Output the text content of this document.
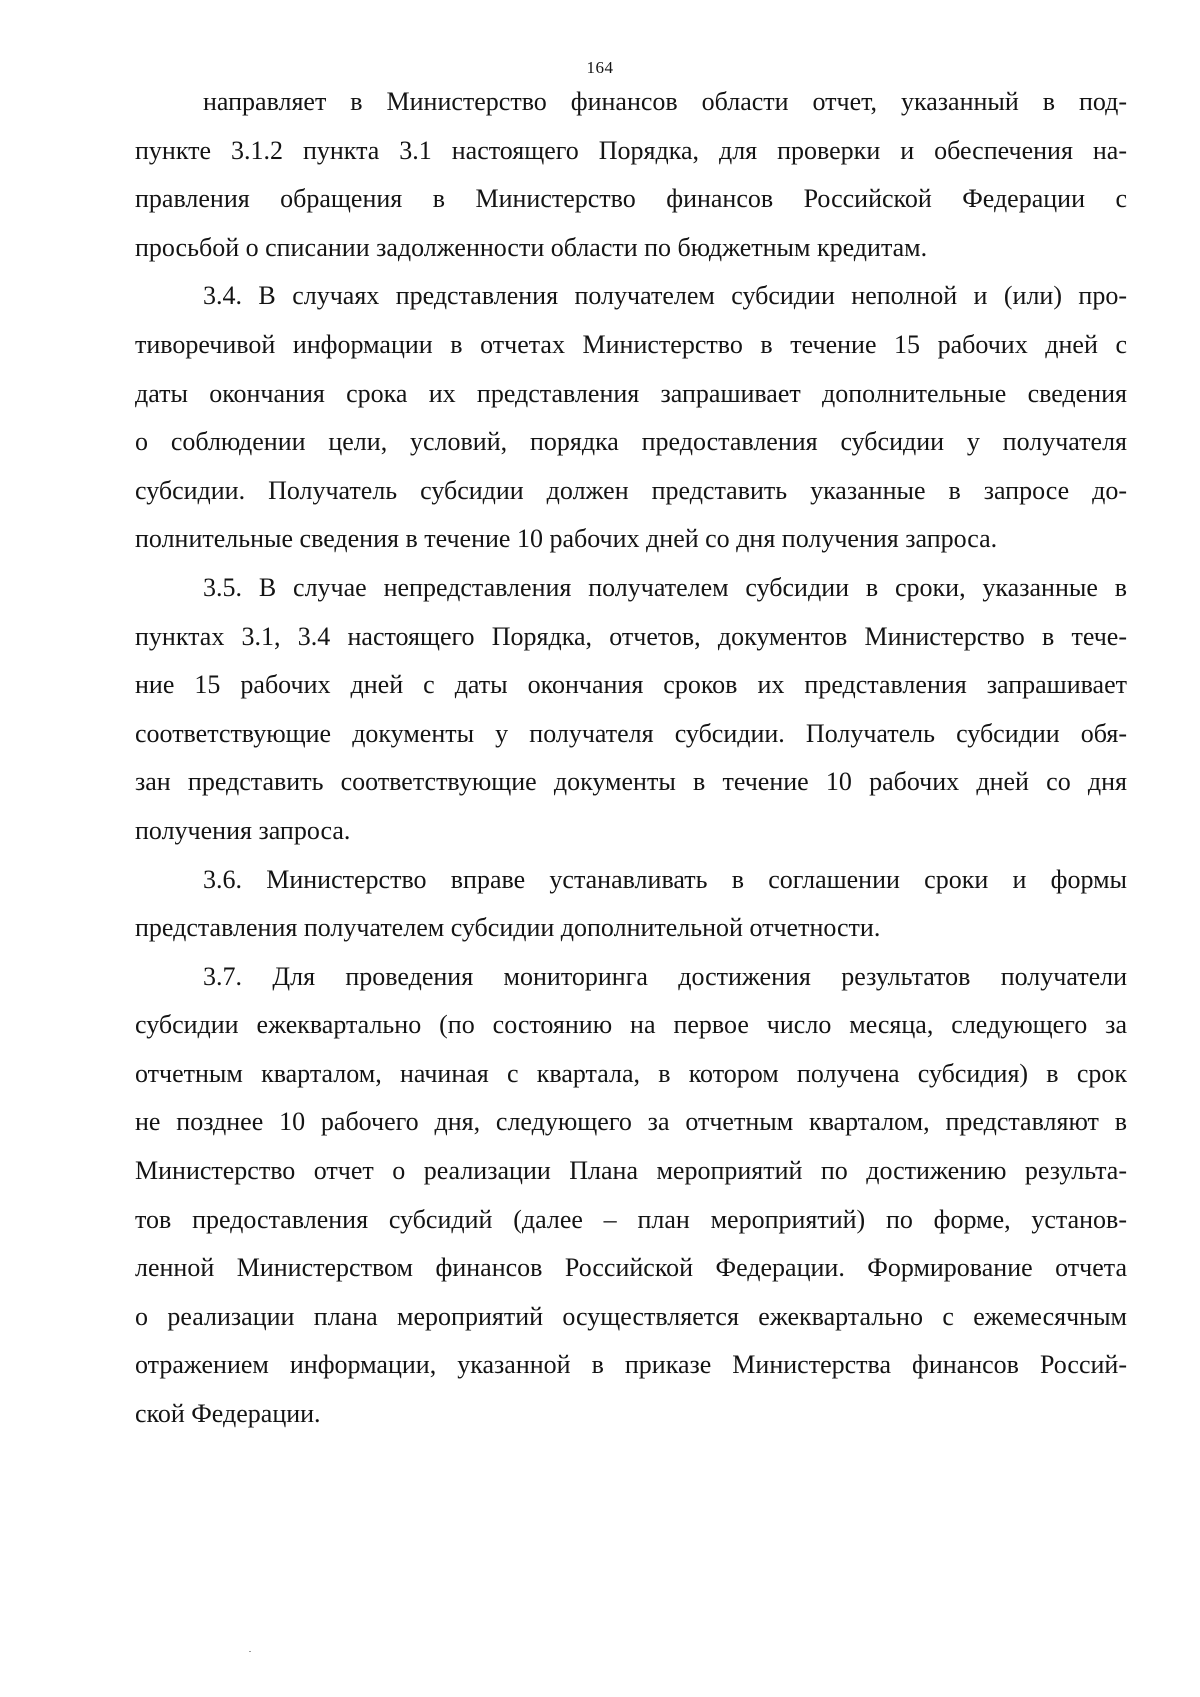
164
направляет в Министерство финансов области отчет, указанный в под-
пункте 3.1.2 пункта 3.1 настоящего Порядка, для проверки и обеспечения на-
правления обращения в Министерство финансов Российской Федерации с
просьбой о списании задолженности области по бюджетным кредитам.
3.4. В случаях представления получателем субсидии неполной и (или) про-
тиворечивой информации в отчетах Министерство в течение 15 рабочих дней с
даты окончания срока их представления запрашивает дополнительные сведения
о соблюдении цели, условий, порядка предоставления субсидии у получателя
субсидии. Получатель субсидии должен представить указанные в запросе до-
полнительные сведения в течение 10 рабочих дней со дня получения запроса.
3.5. В случае непредставления получателем субсидии в сроки, указанные в
пунктах 3.1, 3.4 настоящего Порядка, отчетов, документов Министерство в тече-
ние 15 рабочих дней с даты окончания сроков их представления запрашивает
соответствующие документы у получателя субсидии. Получатель субсидии обя-
зан представить соответствующие документы в течение 10 рабочих дней со дня
получения запроса.
3.6. Министерство вправе устанавливать в соглашении сроки и формы
представления получателем субсидии дополнительной отчетности.
3.7. Для проведения мониторинга достижения результатов получатели
субсидии ежеквартально (по состоянию на первое число месяца, следующего за
отчетным кварталом, начиная с квартала, в котором получена субсидия) в срок
не позднее 10 рабочего дня, следующего за отчетным кварталом, представляют в
Министерство отчет о реализации Плана мероприятий по достижению результа-
тов предоставления субсидий (далее – план мероприятий) по форме, установ-
ленной Министерством финансов Российской Федерации. Формирование отчета
о реализации плана мероприятий осуществляется ежеквартально с ежемесячным
отражением информации, указанной в приказе Министерства финансов Россий-
ской Федерации.
